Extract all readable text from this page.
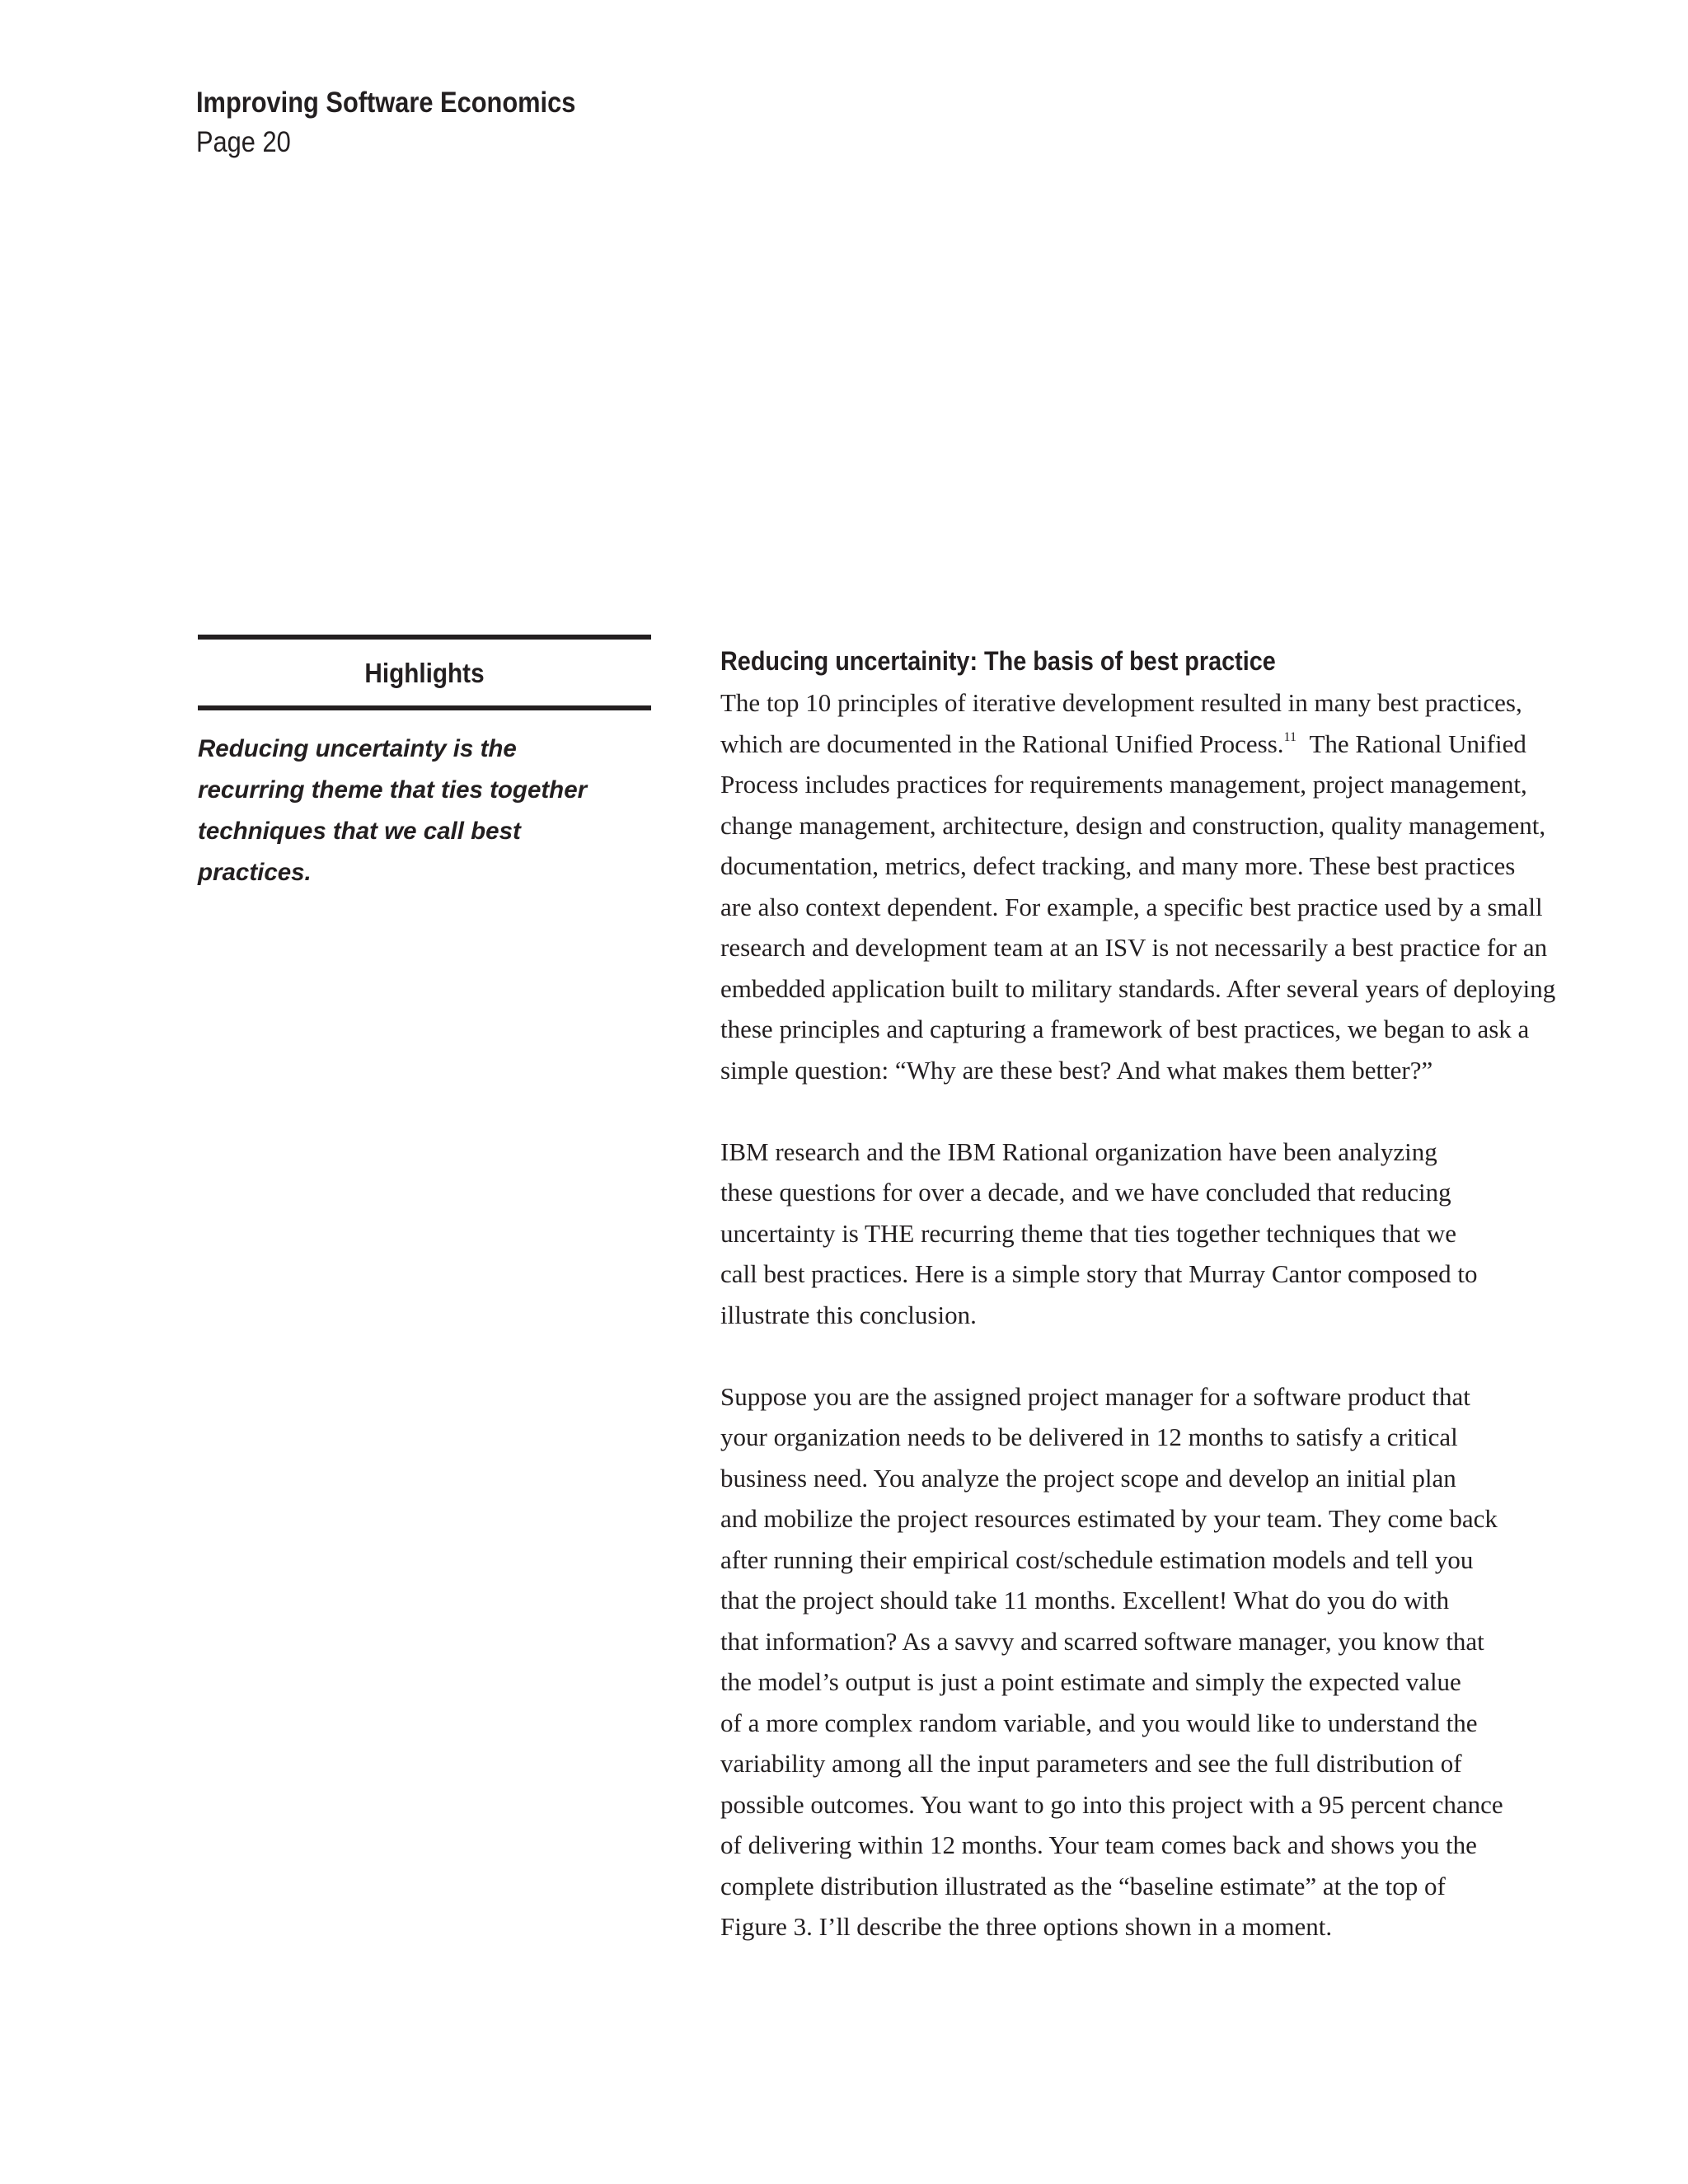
Improving Software Economics
Page 20
Highlights
Reducing uncertainty is the
recurring theme that ties together
techniques that we call best
practices.
Reducing uncertainity: The basis of best practice
The top 10 principles of iterative development resulted in many best practices,
which are documented in the Rational Unified Process.$^{11}$ The Rational Unified
Process includes practices for requirements management, project management,
change management, architecture, design and construction, quality management,
documentation, metrics, defect tracking, and many more. These best practices
are also context dependent. For example, a specific best practice used by a small
research and development team at an ISV is not necessarily a best practice for an
embedded application built to military standards. After several years of deploying
these principles and capturing a framework of best practices, we began to ask a
simple question: “Why are these best? And what makes them better?”
IBM research and the IBM Rational organization have been analyzing
these questions for over a decade, and we have concluded that reducing
uncertainty is THE recurring theme that ties together techniques that we
call best practices. Here is a simple story that Murray Cantor composed to
illustrate this conclusion.
Suppose you are the assigned project manager for a software product that
your organization needs to be delivered in 12 months to satisfy a critical
business need. You analyze the project scope and develop an initial plan
and mobilize the project resources estimated by your team. They come back
after running their empirical cost/schedule estimation models and tell you
that the project should take 11 months. Excellent! What do you do with
that information? As a savvy and scarred software manager, you know that
the model’s output is just a point estimate and simply the expected value
of a more complex random variable, and you would like to understand the
variability among all the input parameters and see the full distribution of
possible outcomes. You want to go into this project with a 95 percent chance
of delivering within 12 months. Your team comes back and shows you the
complete distribution illustrated as the “baseline estimate” at the top of
Figure 3. I’ll describe the three options shown in a moment.
